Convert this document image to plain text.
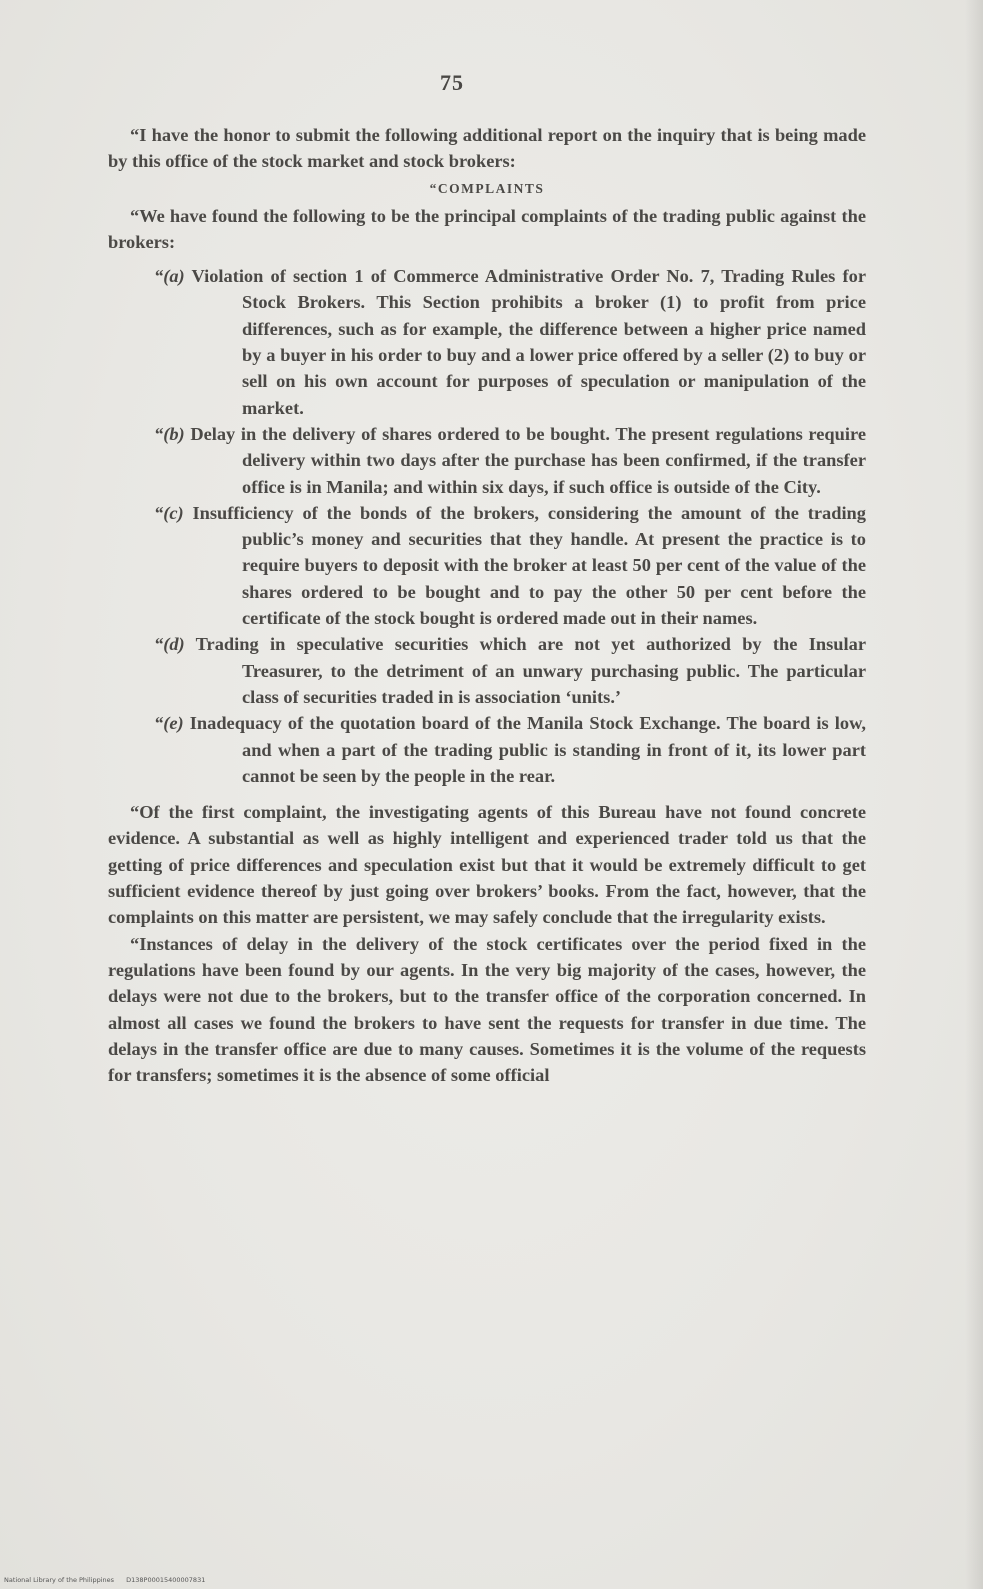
75

“I have the honor to submit the following additional report on the inquiry that is being made by this office of the stock market and stock brokers:

“COMPLAINTS

“We have found the following to be the principal complaints of the trading public against the brokers:

“(a) Violation of section 1 of Commerce Administrative Order No. 7, Trading Rules for Stock Brokers. This Section prohibits a broker (1) to profit from price differences, such as for example, the difference between a higher price named by a buyer in his order to buy and a lower price offered by a seller (2) to buy or sell on his own account for purposes of speculation or manipulation of the market.
“(b) Delay in the delivery of shares ordered to be bought. The present regulations require delivery within two days after the purchase has been confirmed, if the transfer office is in Manila; and within six days, if such office is outside of the City.
“(c) Insufficiency of the bonds of the brokers, considering the amount of the trading public’s money and securities that they handle. At present the practice is to require buyers to deposit with the broker at least 50 per cent of the value of the shares ordered to be bought and to pay the other 50 per cent before the certificate of the stock bought is ordered made out in their names.
“(d) Trading in speculative securities which are not yet authorized by the Insular Treasurer, to the detriment of an unwary purchasing public. The particular class of securities traded in is association ‘units.’
“(e) Inadequacy of the quotation board of the Manila Stock Exchange. The board is low, and when a part of the trading public is standing in front of it, its lower part cannot be seen by the people in the rear.

“Of the first complaint, the investigating agents of this Bureau have not found concrete evidence. A substantial as well as highly intelligent and experienced trader told us that the getting of price differences and speculation exist but that it would be extremely difficult to get sufficient evidence thereof by just going over brokers’ books. From the fact, however, that the complaints on this matter are persistent, we may safely conclude that the irregularity exists.

“Instances of delay in the delivery of the stock certificates over the period fixed in the regulations have been found by our agents. In the very big majority of the cases, however, the delays were not due to the brokers, but to the transfer office of the corporation concerned. In almost all cases we found the brokers to have sent the requests for transfer in due time. The delays in the transfer office are due to many causes. Sometimes it is the volume of the requests for transfers; sometimes it is the absence of some official

National Library of the Philippines D138P00015400007831
